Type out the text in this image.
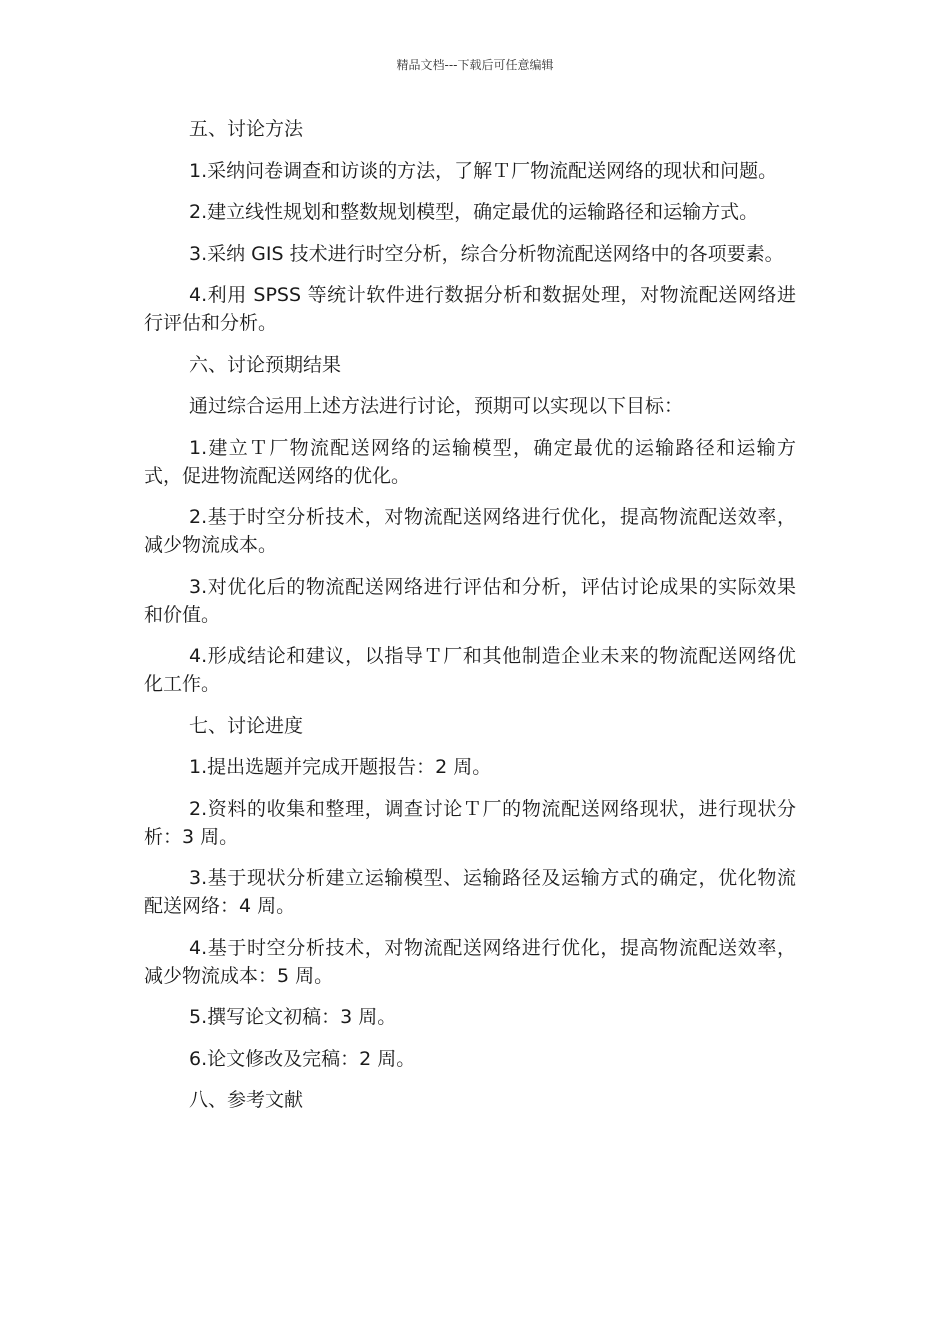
精品文档---下载后可任意编辑

五、讨论方法

1.采纳问卷调查和访谈的方法，了解Ｔ厂物流配送网络的现状和问题。

2.建立线性规划和整数规划模型，确定最优的运输路径和运输方式。

3.采纳 GIS 技术进行时空分析，综合分析物流配送网络中的各项要素。

4.利用 SPSS 等统计软件进行数据分析和数据处理，对物流配送网络进行评估和分析。

六、讨论预期结果

通过综合运用上述方法进行讨论，预期可以实现以下目标：

1.建立Ｔ厂物流配送网络的运输模型，确定最优的运输路径和运输方式，促进物流配送网络的优化。

2.基于时空分析技术，对物流配送网络进行优化，提高物流配送效率，减少物流成本。

3.对优化后的物流配送网络进行评估和分析，评估讨论成果的实际效果和价值。

4.形成结论和建议，以指导Ｔ厂和其他制造企业未来的物流配送网络优化工作。

七、讨论进度

1.提出选题并完成开题报告：2 周。

2.资料的收集和整理，调查讨论Ｔ厂的物流配送网络现状，进行现状分析：3 周。

3.基于现状分析建立运输模型、运输路径及运输方式的确定，优化物流配送网络：4 周。

4.基于时空分析技术，对物流配送网络进行优化，提高物流配送效率，减少物流成本：5 周。

5.撰写论文初稿：3 周。

6.论文修改及完稿：2 周。

八、参考文献
